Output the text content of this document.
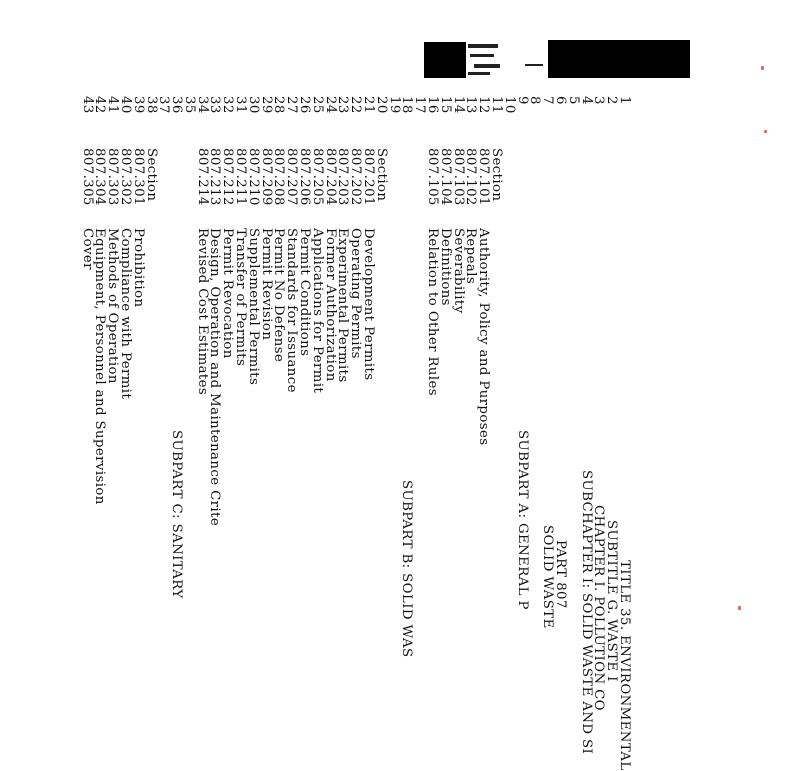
1
TITLE 35. ENVIRONMENTAL
2
SUBTITLE G. WASTE I
3
CHAPTER I. POLLUTION CO
4
SUBCHAPTER I: SOLID WASTE AND SI
5
6
PART 807
7
SOLID WASTE
8
9
SUBPART A: GENERAL P
10
11
Section
12
807.101
Authority, Policy and Purposes
13
807.102
Repeals
14
807.103
Severability
15
807.104
Definitions
16
807.105
Relation to Other Rules
17
18
SUBPART B: SOLID WAS
19
20
Section
21
807.201
Development Permits
22
807.202
Operating Permits
23
807.203
Experimental Permits
24
807.204
Former Authorization
25
807.205
Applications for Permit
26
807.206
Permit Conditions
27
807.207
Standards for Issuance
28
807.208
Permit No Defense
29
807.209
Permit Revision
30
807.210
Supplemental Permits
31
807.211
Transfer of Permits
32
807.212
Permit Revocation
33
807.213
Design, Operation and Maintenance Crite
34
807.214
Revised Cost Estimates
35
36
SUBPART C: SANITARY
37
38
Section
39
807.301
Prohibition
40
807.302
Compliance with Permit
41
807.303
Methods of Operation
42
807.304
Equipment, Personnel and Supervision
43
807.305
Cover
